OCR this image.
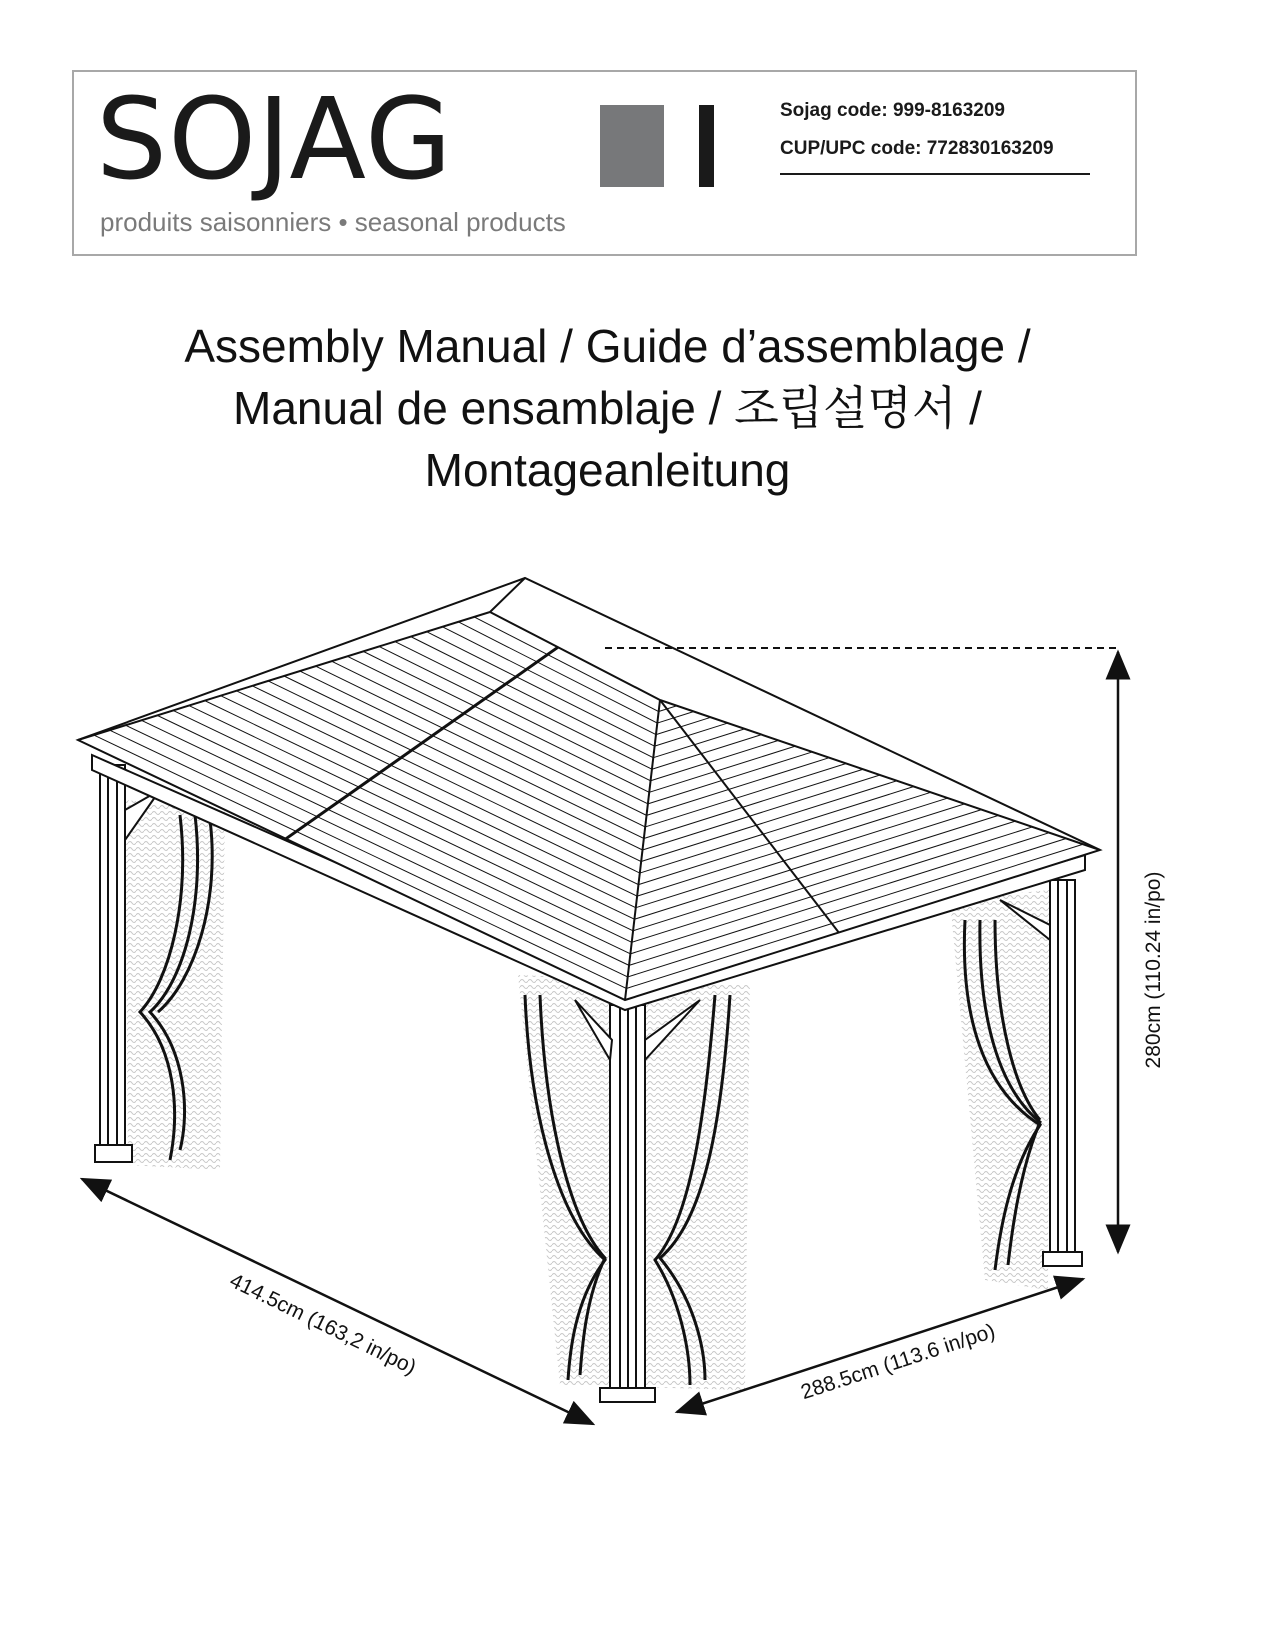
SOJAG
produits saisonniers • seasonal products
Sojag code: 999-8163209
CUP/UPC code: 772830163209
Assembly Manual / Guide d’assemblage /
Manual de ensamblaje / 조립설명서 /
Montageanleitung
414.5cm (163,2 in/po)	288.5cm (113.6 in/po)
280cm (110.24 in/po)
